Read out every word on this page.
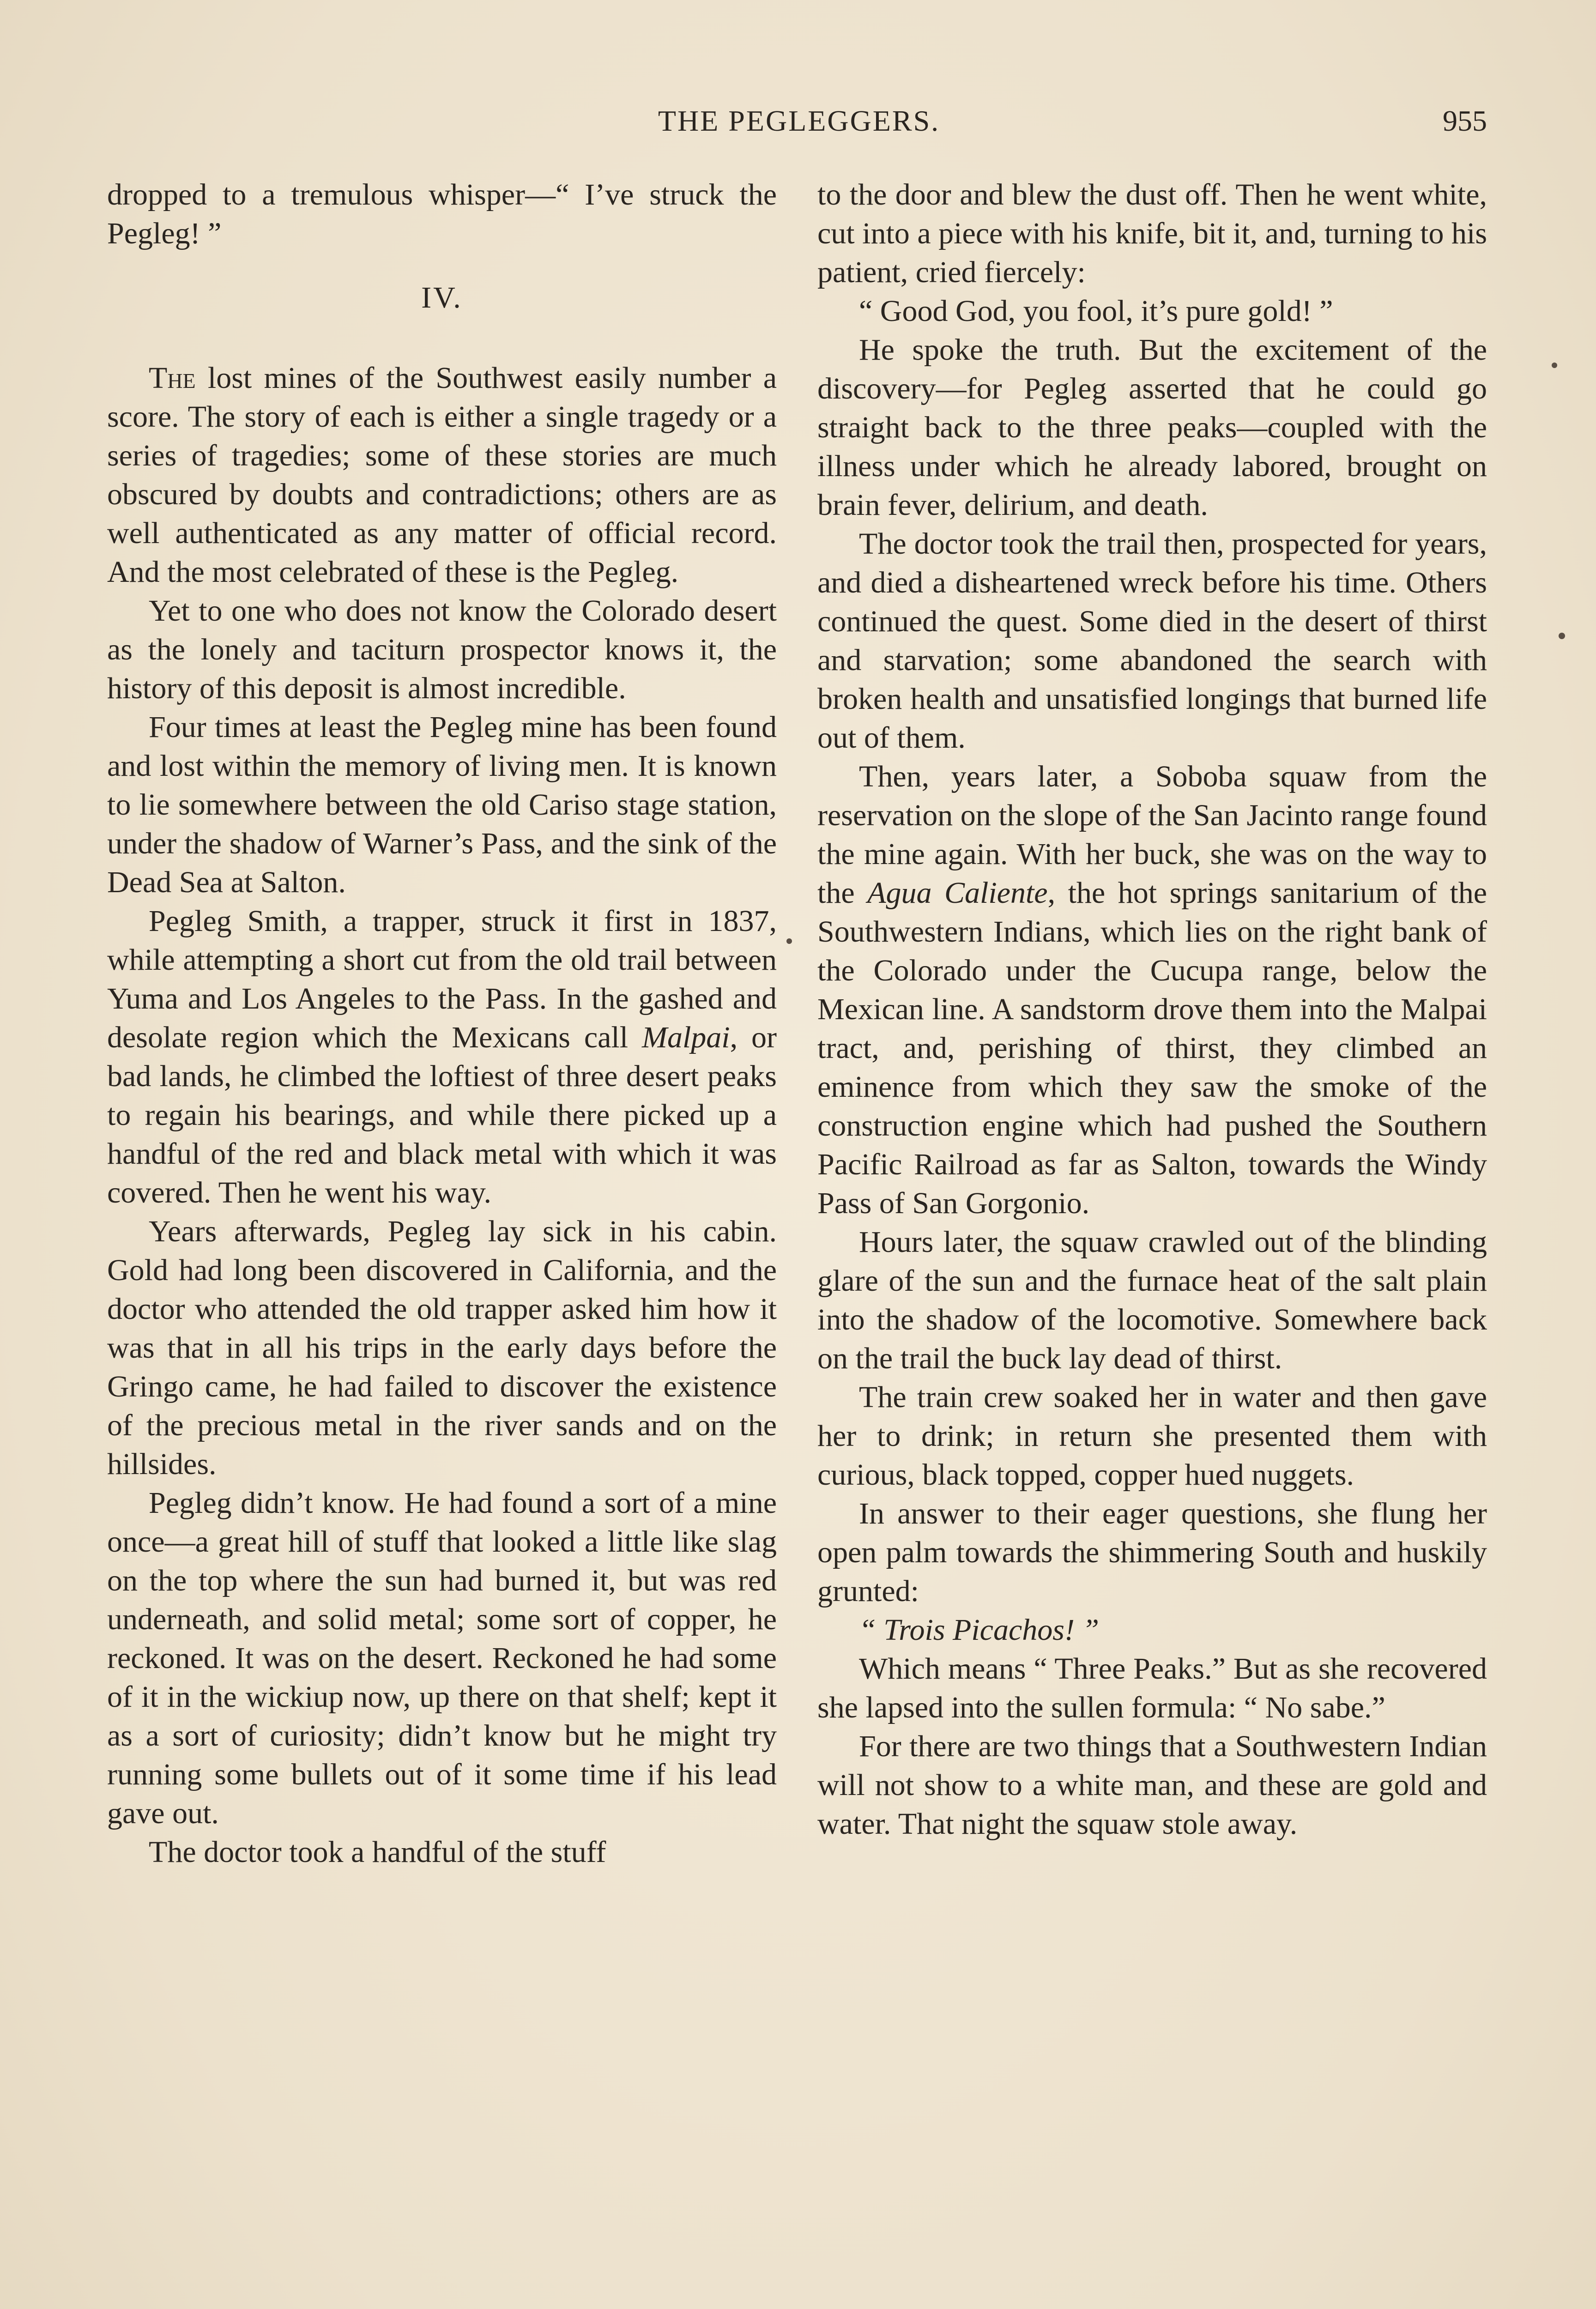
THE PEGLEGGERS.	955

dropped to a tremulous whisper—“ I’ve struck the Pegleg! ”

IV.

The lost mines of the Southwest easily number a score. The story of each is either a single tragedy or a series of tragedies; some of these stories are much obscured by doubts and contradictions; others are as well authenticated as any matter of official record. And the most celebrated of these is the Pegleg.

Yet to one who does not know the Colorado desert as the lonely and taciturn prospector knows it, the history of this deposit is almost incredible.

Four times at least the Pegleg mine has been found and lost within the memory of living men. It is known to lie somewhere between the old Cariso stage station, under the shadow of Warner’s Pass, and the sink of the Dead Sea at Salton.

Pegleg Smith, a trapper, struck it first in 1837, while attempting a short cut from the old trail between Yuma and Los Angeles to the Pass. In the gashed and desolate region which the Mexicans call Malpai, or bad lands, he climbed the loftiest of three desert peaks to regain his bearings, and while there picked up a handful of the red and black metal with which it was covered. Then he went his way.

Years afterwards, Pegleg lay sick in his cabin. Gold had long been discovered in California, and the doctor who attended the old trapper asked him how it was that in all his trips in the early days before the Gringo came, he had failed to discover the existence of the precious metal in the river sands and on the hillsides.

Pegleg didn’t know. He had found a sort of a mine once—a great hill of stuff that looked a little like slag on the top where the sun had burned it, but was red underneath, and solid metal; some sort of copper, he reckoned. It was on the desert. Reckoned he had some of it in the wickiup now, up there on that shelf; kept it as a sort of curiosity; didn’t know but he might try running some bullets out of it some time if his lead gave out.

The doctor took a handful of the stuff

to the door and blew the dust off. Then he went white, cut into a piece with his knife, bit it, and, turning to his patient, cried fiercely:

“ Good God, you fool, it’s pure gold! ”

He spoke the truth. But the excitement of the discovery—for Pegleg asserted that he could go straight back to the three peaks—coupled with the illness under which he already labored, brought on brain fever, delirium, and death.

The doctor took the trail then, prospected for years, and died a disheartened wreck before his time. Others continued the quest. Some died in the desert of thirst and starvation; some abandoned the search with broken health and unsatisfied longings that burned life out of them.

Then, years later, a Soboba squaw from the reservation on the slope of the San Jacinto range found the mine again. With her buck, she was on the way to the Agua Caliente, the hot springs sanitarium of the Southwestern Indians, which lies on the right bank of the Colorado under the Cucupa range, below the Mexican line. A sandstorm drove them into the Malpai tract, and, perishing of thirst, they climbed an eminence from which they saw the smoke of the construction engine which had pushed the Southern Pacific Railroad as far as Salton, towards the Windy Pass of San Gorgonio.

Hours later, the squaw crawled out of the blinding glare of the sun and the furnace heat of the salt plain into the shadow of the locomotive. Somewhere back on the trail the buck lay dead of thirst.

The train crew soaked her in water and then gave her to drink; in return she presented them with curious, black topped, copper hued nuggets.

In answer to their eager questions, she flung her open palm towards the shimmering South and huskily grunted:

“ Trois Picachos! ”

Which means “ Three Peaks.” But as she recovered she lapsed into the sullen formula: “ No sabe.”

For there are two things that a Southwestern Indian will not show to a white man, and these are gold and water. That night the squaw stole away.
